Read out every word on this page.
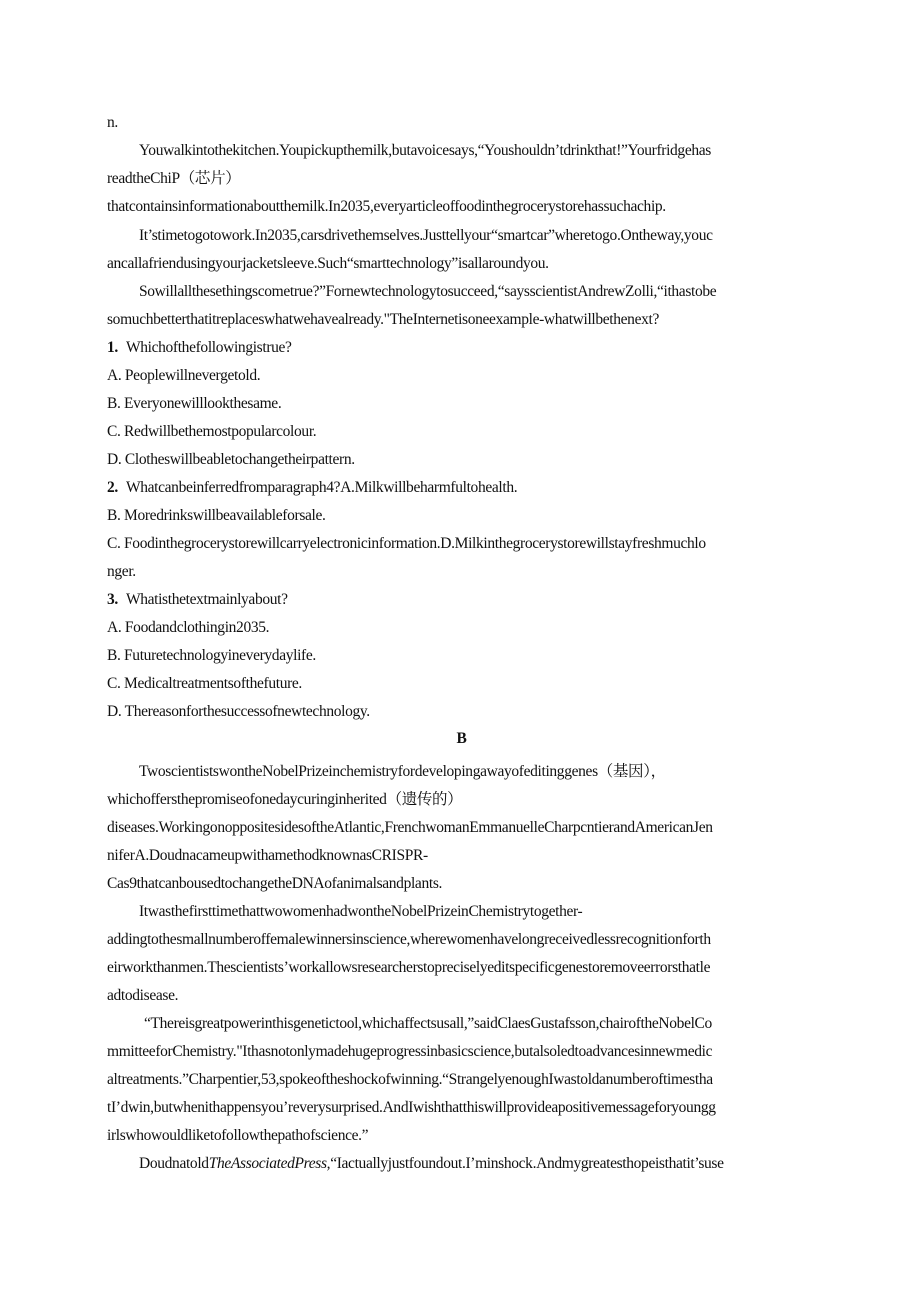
n.
Youwalkintothekitchen.Youpickupthemilk,butavoicesays,“Youshouldn’tdrinkthat!”Yourfridgehas
readtheChiP（芯片）
thatcontainsinformationaboutthemilk.In2035,everyarticleoffoodinthegrocerystorehassuchachip.
It’stimetogotowork.In2035,carsdrivethemselves.Justtellyour“smartcar”wheretogo.Ontheway,youc
ancallafriendusingyourjacketsleeve.Such“smarttechnology”isallaroundyou.
Sowillallthesethingscometrue?”Fornewtechnologytosucceed,“saysscientistAndrewZolli,“ithastobe
somuchbetterthatitreplaceswhatwehavealready."TheInternetisoneexample-whatwillbethenext?
1. Whichofthefollowingistrue?
A. Peoplewillnevergetold.
B. Everyonewilllookthesame.
C. Redwillbethemostpopularcolour.
D. Clotheswillbeabletochangetheirpattern.
2. Whatcanbeinferredfromparagraph4?A.Milkwillbeharmfultohealth.
B. Moredrinkswillbeavailableforsale.
C. Foodinthegrocerystorewillcarryelectronicinformation.D.Milkinthegrocerystorewillstayfreshmuchlo
nger.
3. Whatisthetextmainlyabout?
A. Foodandclothingin2035.
B. Futuretechnologyineverydaylife.
C. Medicaltreatmentsofthefuture.
D. Thereasonforthesuccessofnewtechnology.
B
TwoscientistswontheNobelPrizeinchemistryfordevelopingawayofeditinggenes（基因），
whichoffersthepromiseofonedaycuringinherited（遗传的）
diseases.WorkingonoppositesidesoftheAtlantic,FrenchwomanEmmanuelleCharpcntierandAmericanJen
niferA.DoudnacameupwithamethodknownasCRISPR-
Cas9thatcanbousedtochangetheDNAofanimalsandplants.
ItwasthefirsttimethattwowomenhadwontheNobelPrizeinChemistrytogether-
addingtothesmallnumberoffemalewinnersinscience,wherewomenhavelongreceivedlessrecognitionforth
eirworkthanmen.Thescientists’workallowsresearcherstopreciselyeditspecificgenestoremoveerrorsthatle
adtodisease.
“Thereisgreatpowerinthisgenetictool,whichaffectsusall,”saidClaesGustafsson,chairoftheNobelCo
mmitteeforChemistry."Ithasnotonlymadehugeprogressinbasicscience,butalsoledtoadvancesinnewmedic
altreatments.”Charpentier,53,spokeoftheshockofwinning.“StrangelyenoughIwastoldanumberoftimestha
tI’dwin,butwhenithappensyou’reverysurprised.AndIwishthatthiswillprovideapositivemessageforyoungg
irlswhowouldliketofollowthepathofscience.”
DoudnatoldTheAssociatedPress,“Iactuallyjustfoundout.I’minshock.Andmygreatesthopeisthatit’suse
